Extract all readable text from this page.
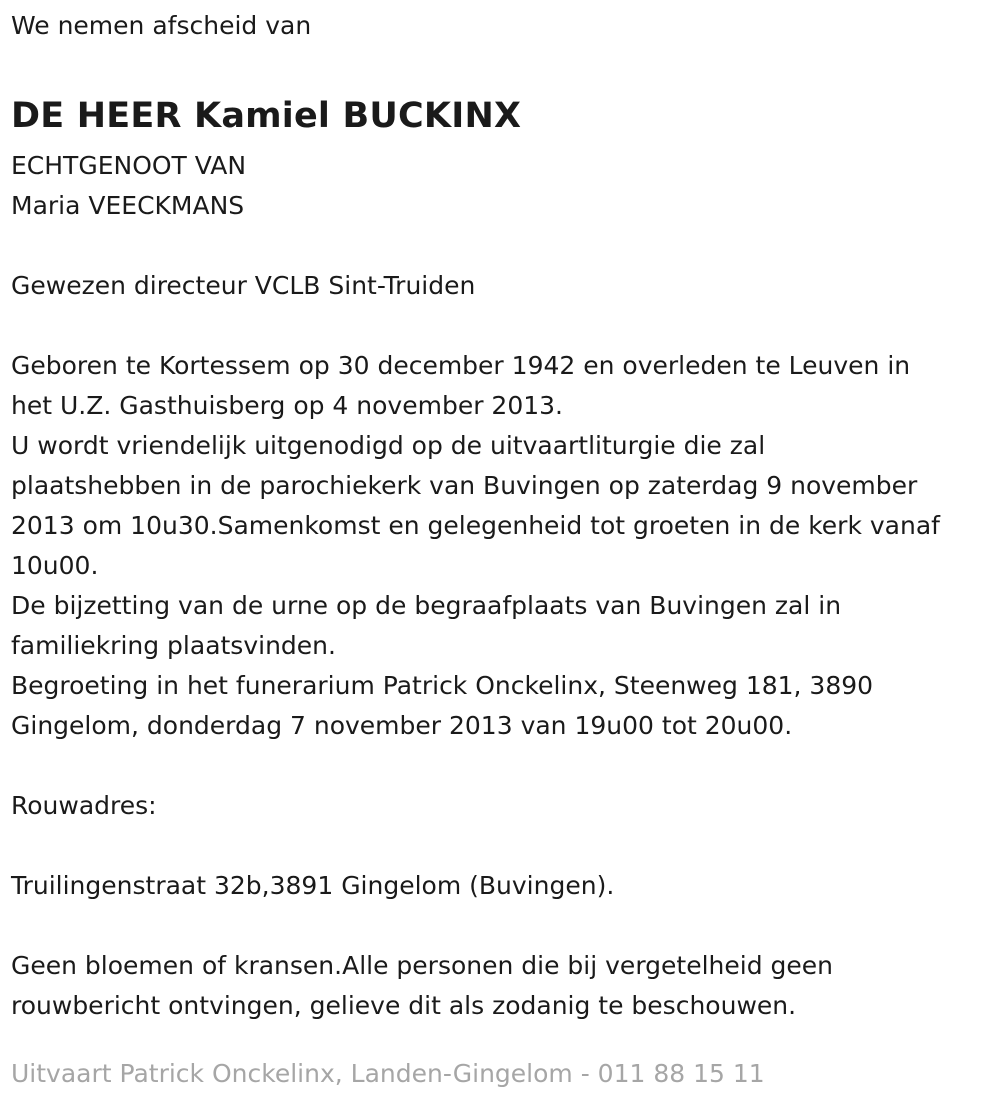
We nemen afscheid van

DE HEER Kamiel BUCKINX

ECHTGENOOT VAN

Maria VEECKMANS

Gewezen directeur VCLB Sint-Truiden

Geboren te Kortessem op 30 december 1942 en overleden te Leuven in

het U.Z. Gasthuisberg op 4 november 2013.

U wordt vriendelijk uitgenodigd op de uitvaartliturgie die zal

plaatshebben in de parochiekerk van Buvingen op zaterdag 9 november

2013 om 10u30.Samenkomst en gelegenheid tot groeten in de kerk vanaf

10u00.

De bijzetting van de urne op de begraafplaats van Buvingen zal in

familiekring plaatsvinden.

Begroeting in het funerarium Patrick Onckelinx, Steenweg 181, 3890

Gingelom, donderdag 7 november 2013 van 19u00 tot 20u00.

Rouwadres:

Truilingenstraat 32b,3891 Gingelom (Buvingen).

Geen bloemen of kransen.Alle personen die bij vergetelheid geen

rouwbericht ontvingen, gelieve dit als zodanig te beschouwen.

Uitvaart Patrick Onckelinx, Landen-Gingelom - 011 88 15 11
